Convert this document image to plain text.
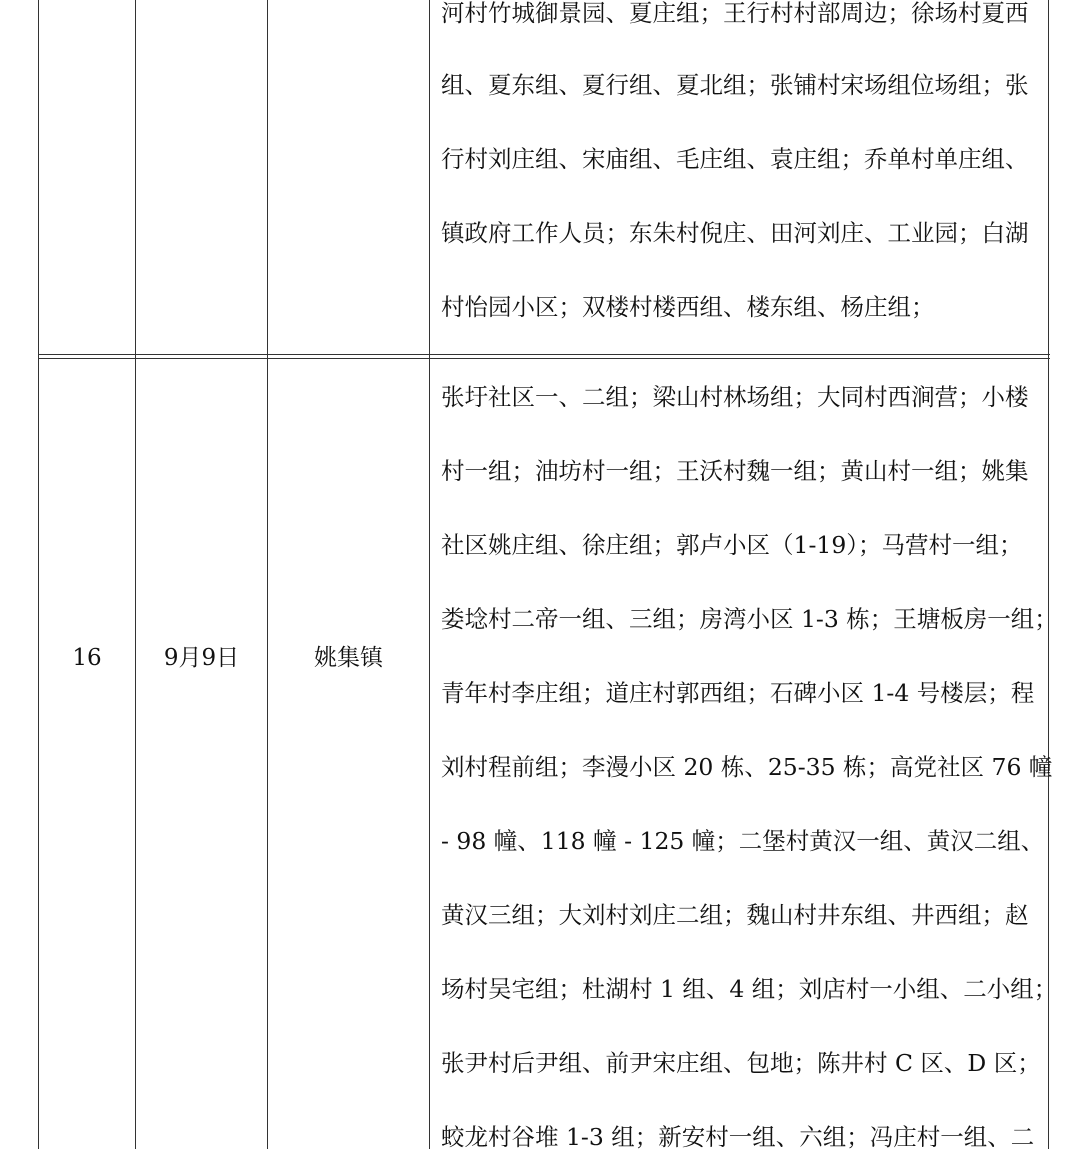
河村竹城御景园、夏庄组；王行村村部周边；徐场村夏西
组、夏东组、夏行组、夏北组；张铺村宋场组位场组；张
行村刘庄组、宋庙组、毛庄组、袁庄组；乔单村单庄组、
镇政府工作人员；东朱村倪庄、田河刘庄、工业园；白湖
村怡园小区；双楼村楼西组、楼东组、杨庄组；
16	9月9日	姚集镇
张圩社区一、二组；梁山村林场组；大同村西涧营；小楼
村一组；油坊村一组；王沃村魏一组；黄山村一组；姚集
社区姚庄组、徐庄组；郭卢小区（1-19）；马营村一组；
娄埝村二帝一组、三组；房湾小区 1-3 栋；王塘板房一组；
青年村李庄组；道庄村郭西组；石碑小区 1-4 号楼层；程
刘村程前组；李漫小区 20 栋、25-35 栋；高党社区 76 幢
- 98 幢、118 幢 - 125 幢；二堡村黄汉一组、黄汉二组、
黄汉三组；大刘村刘庄二组；魏山村井东组、井西组；赵
场村吴宅组；杜湖村 1 组、4 组；刘店村一小组、二小组；
张尹村后尹组、前尹宋庄组、包地；陈井村 C 区、D 区；
蛟龙村谷堆 1-3 组；新安村一组、六组；冯庄村一组、二
